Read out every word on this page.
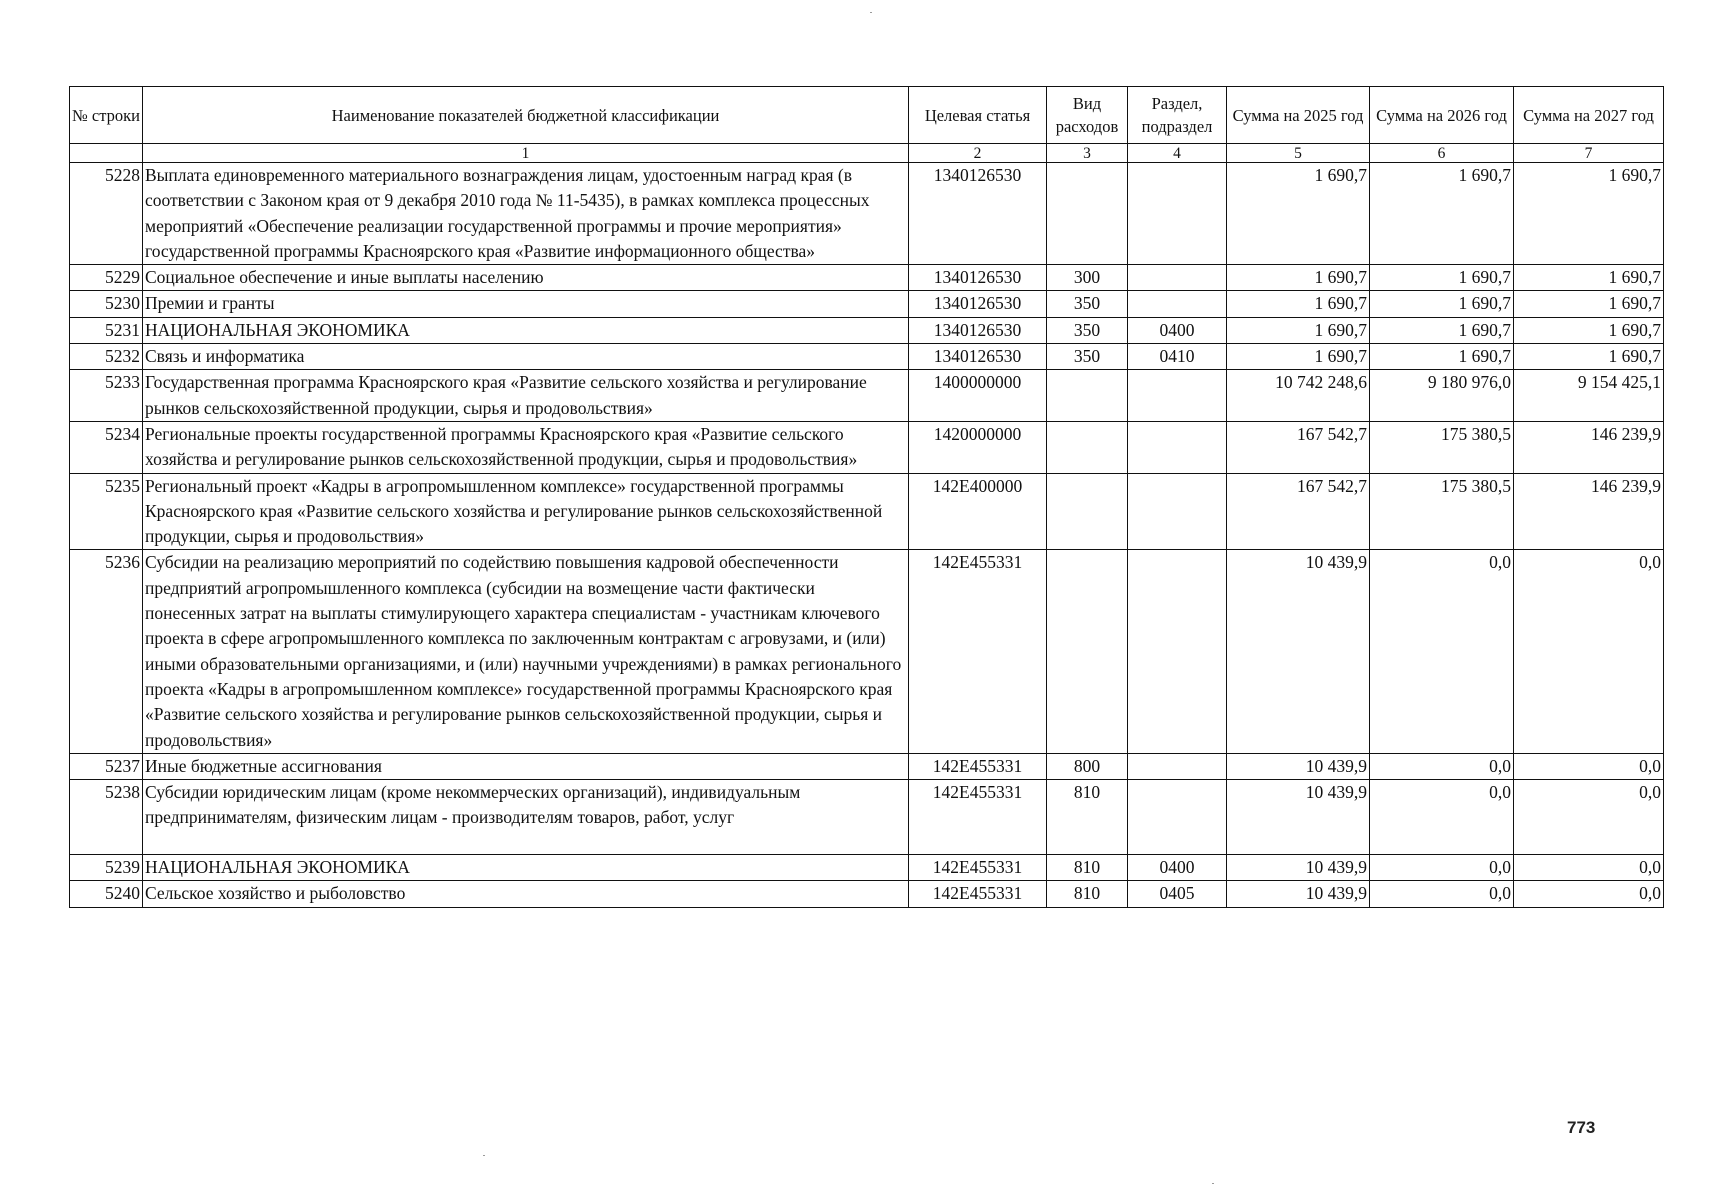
№ строки	Наименование показателей бюджетной классификации	Целевая статья	Вид расходов	Раздел, подраздел	Сумма на 2025 год	Сумма на 2026 год	Сумма на 2027 год
	1	2	3	4	5	6	7
5228	Выплата единовременного материального вознаграждения лицам, удостоенным наград края (в соответствии с Законом края от 9 декабря 2010 года № 11-5435), в рамках комплекса процессных мероприятий «Обеспечение реализации государственной программы и прочие мероприятия» государственной программы Красноярского края «Развитие информационного общества»	1340126530			1 690,7	1 690,7	1 690,7
5229	Социальное обеспечение и иные выплаты населению	1340126530	300		1 690,7	1 690,7	1 690,7
5230	Премии и гранты	1340126530	350		1 690,7	1 690,7	1 690,7
5231	НАЦИОНАЛЬНАЯ ЭКОНОМИКА	1340126530	350	0400	1 690,7	1 690,7	1 690,7
5232	Связь и информатика	1340126530	350	0410	1 690,7	1 690,7	1 690,7
5233	Государственная программа Красноярского края «Развитие сельского хозяйства и регулирование рынков сельскохозяйственной продукции, сырья и продовольствия»	1400000000			10 742 248,6	9 180 976,0	9 154 425,1
5234	Региональные проекты государственной программы Красноярского края «Развитие сельского хозяйства и регулирование рынков сельскохозяйственной продукции, сырья и продовольствия»	1420000000			167 542,7	175 380,5	146 239,9
5235	Региональный проект «Кадры в агропромышленном комплексе» государственной программы Красноярского края «Развитие сельского хозяйства и регулирование рынков сельскохозяйственной продукции, сырья и продовольствия»	142E400000			167 542,7	175 380,5	146 239,9
5236	Субсидии на реализацию мероприятий по содействию повышения кадровой обеспеченности предприятий агропромышленного комплекса (субсидии на возмещение части фактически понесенных затрат на выплаты стимулирующего характера специалистам - участникам ключевого проекта в сфере агропромышленного комплекса по заключенным контрактам с агровузами, и (или) иными образовательными организациями, и (или) научными учреждениями) в рамках регионального проекта «Кадры в агропромышленном комплексе» государственной программы Красноярского края «Развитие сельского хозяйства и регулирование рынков сельскохозяйственной продукции, сырья и продовольствия»	142E455331			10 439,9	0,0	0,0
5237	Иные бюджетные ассигнования	142E455331	800		10 439,9	0,0	0,0
5238	Субсидии юридическим лицам (кроме некоммерческих организаций), индивидуальным предпринимателям, физическим лицам - производителям товаров, работ, услуг	142E455331	810		10 439,9	0,0	0,0
5239	НАЦИОНАЛЬНАЯ ЭКОНОМИКА	142E455331	810	0400	10 439,9	0,0	0,0
5240	Сельское хозяйство и рыболовство	142E455331	810	0405	10 439,9	0,0	0,0
773
